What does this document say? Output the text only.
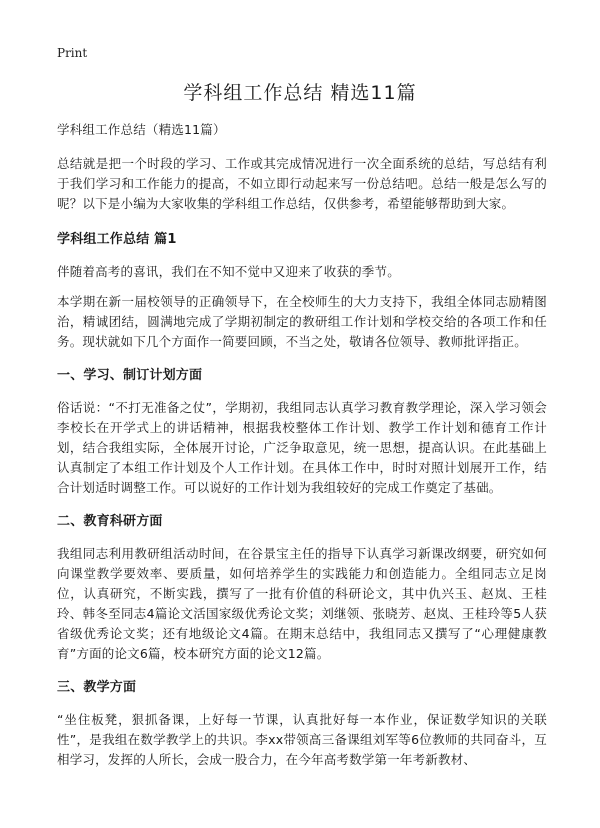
Print
学科组工作总结 精选11篇

学科组工作总结（精选11篇）

总结就是把一个时段的学习、工作或其完成情况进行一次全面系统的总结，写总结有利于我们学习和工作能力的提高，不如立即行动起来写一份总结吧。总结一般是怎么写的呢？以下是小编为大家收集的学科组工作总结，仅供参考，希望能够帮助到大家。

学科组工作总结 篇1

伴随着高考的喜讯，我们在不知不觉中又迎来了收获的季节。

本学期在新一届校领导的正确领导下，在全校师生的大力支持下，我组全体同志励精图治，精诚团结，圆满地完成了学期初制定的教研组工作计划和学校交给的各项工作和任务。现状就如下几个方面作一简要回顾，不当之处，敬请各位领导、教师批评指正。

一、学习、制订计划方面

俗话说：“不打无准备之仗”，学期初，我组同志认真学习教育教学理论，深入学习领会李校长在开学式上的讲话精神，根据我校整体工作计划、教学工作计划和德育工作计划，结合我组实际，全体展开讨论，广泛争取意见，统一思想，提高认识。在此基础上认真制定了本组工作计划及个人工作计划。在具体工作中，时时对照计划展开工作，结合计划适时调整工作。可以说好的工作计划为我组较好的完成工作奠定了基础。

二、教育科研方面

我组同志利用教研组活动时间，在谷景宝主任的指导下认真学习新课改纲要，研究如何向课堂教学要效率、要质量，如何培养学生的实践能力和创造能力。全组同志立足岗位，认真研究，不断实践，撰写了一批有价值的科研论文，其中仇兴玉、赵岚、王桂玲、韩冬至同志4篇论文活国家级优秀论文奖；刘继领、张晓芳、赵岚、王桂玲等5人获省级优秀论文奖；还有地级论文4篇。在期末总结中，我组同志又撰写了“心理健康教育”方面的论文6篇，校本研究方面的论文12篇。

三、教学方面

“坐住板凳，狠抓备课，上好每一节课，认真批好每一本作业，保证数学知识的关联性”，是我组在数学教学上的共识。李xx带领高三备课组刘军等6位教师的共同奋斗，互相学习，发挥的人所长，会成一股合力，在今年高考数学第一年考新教材、
